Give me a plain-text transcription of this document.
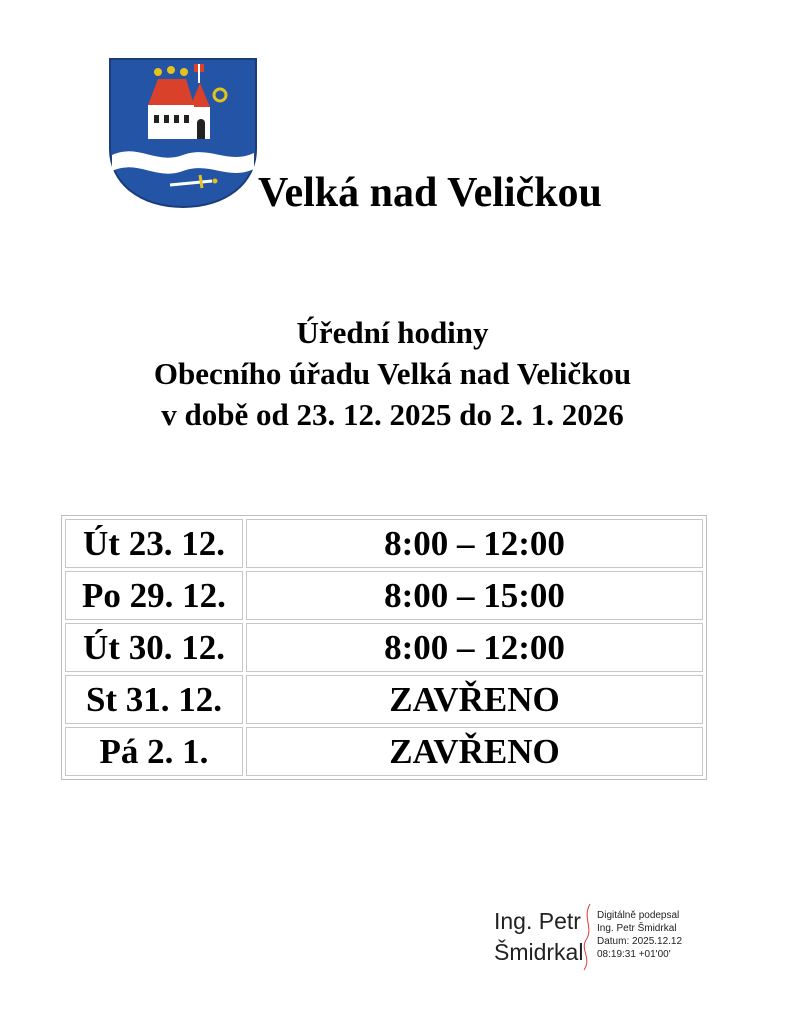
Velká nad Veličkou
Úřední hodiny
Obecního úřadu Velká nad Veličkou
v době od 23. 12. 2025 do 2. 1. 2026
Út 23. 12.	8:00 – 12:00
Po 29. 12.	8:00 – 15:00
Út 30. 12.	8:00 – 12:00
St 31. 12.	ZAVŘENO
Pá 2. 1.	ZAVŘENO
Ing. Petr
Šmidrkal
Digitálně podepsal
Ing. Petr Šmidrkal
Datum: 2025.12.12
08:19:31 +01'00'
